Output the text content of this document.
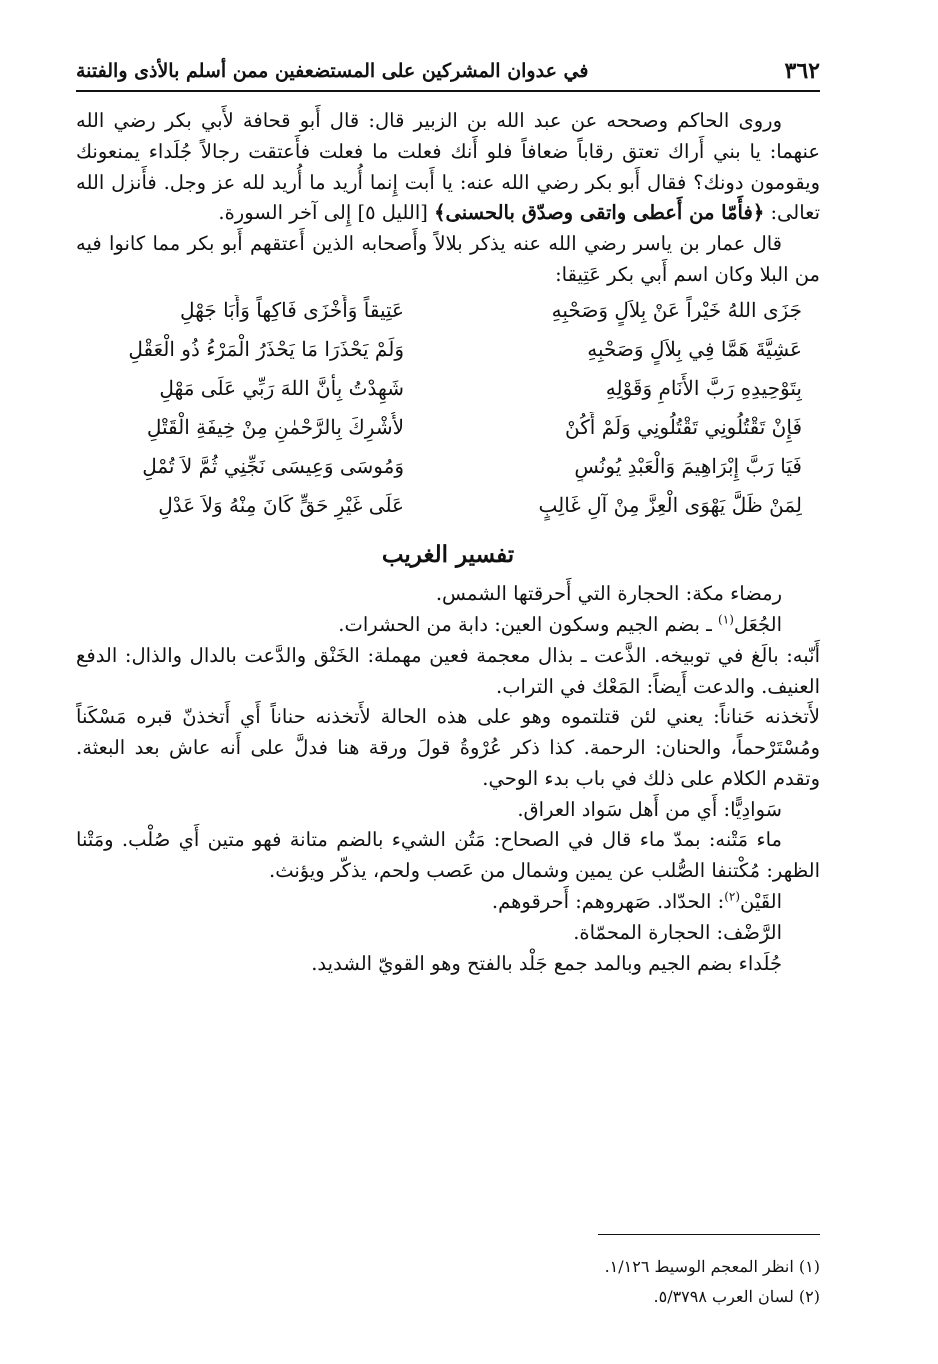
٣٦٢
في عدوان المشركين على المستضعفين ممن أسلم بالأذى والفتنة

وروى الحاكم وصححه عن عبد الله بن الزبير قال: قال أَبو قحافة لأَبي بكر رضي الله عنهما: يا بني أَراك تعتق رقاباً ضعافاً فلو أَنك فعلت ما فعلت فأَعتقت رجالاً جُلَداء يمنعونك ويقومون دونك؟ فقال أَبو بكر رضي الله عنه: يا أَبت إِنما أُريد ما أُريد لله عز وجل. فأَنزل الله تعالى: ﴿فأَمّا من أَعطى واتقى وصدّق بالحسنى﴾ [الليل ٥] إِلى آخر السورة.

قال عمار بن ياسر رضي الله عنه يذكر بلالاً وأَصحابه الذين أَعتقهم أَبو بكر مما كانوا فيه من البلا وكان اسم أَبي بكر عَتِيقا:

جَزَى اللهُ خَيْراً عَنْ بِلاَلٍ وَصَحْبِهِ
عَتِيقاً وَأَخْزَى فَاكِهاً وَأَبَا جَهْلِ
عَشِيَّةَ هَمَّا فِي بِلاَلٍ وَصَحْبِهِ
وَلَمْ يَحْذَرَا مَا يَحْذَرُ الْمَرْءُ ذُو الْعَقْلِ
بِتَوْحِيدِهِ رَبَّ الأَنَامِ وَقَوْلِهِ
شَهِدْتُ بِأَنَّ اللهَ رَبِّي عَلَى مَهْلِ
فَإِنْ تَقْتُلُونِي تَقْتُلُونِي وَلَمْ أَكُنْ
لأُشْرِكَ بِالرَّحْمٰنِ مِنْ خِيفَةِ الْقَتْلِ
فَيَا رَبَّ إِبْرَاهِيمَ وَالْعَبْدِ يُونُسٍ
وَمُوسَى وَعِيسَى نَجِّنِي ثُمَّ لاَ تُمْلِ
لِمَنْ ظَلَّ يَهْوَى الْعِزَّ مِنْ آلِ غَالِبٍ
عَلَى غَيْرِ حَقٍّ كَانَ مِنْهُ وَلاَ عَدْلِ
تفسير الغريب

رمضاء مكة: الحجارة التي أَحرقتها الشمس.

الجُعَل$^{(١)}$ ـ بضم الجيم وسكون العين: دابة من الحشرات.

أَنّبه: بالَغ في توبيخه. الذَّعت ـ بذال معجمة فعين مهملة: الخَنْق والدَّعت بالدال والذال: الدفع العنيف. والدعت أَيضاً: المَعْك في التراب.

لأَتخذنه حَناناً: يعني لئن قتلتموه وهو على هذه الحالة لأَتخذنه حناناً أَي أَتخذنّ قبره مَسْكَناً ومُسْتَرْحماً، والحنان: الرحمة. كذا ذكر عُرْوةُ قولَ ورقة هنا فدلَّ على أَنه عاش بعد البعثة. وتقدم الكلام على ذلك في باب بدء الوحي.

سَوادِيًّا: أَي من أَهل سَواد العراق.

ماء مَتْنه: بمدّ ماء قال في الصحاح: مَتُن الشيء بالضم متانة فهو متين أَي صُلْب. ومَتْنا الظهر: مُكْتنفا الصُّلب عن يمين وشمال من عَصب ولحم، يذكّر ويؤنث.

القَيْن$^{(٢)}$: الحدّاد. صَهروهم: أَحرقوهم.

الرَّضْف: الحجارة المحمّاة.

جُلَداء بضم الجيم وبالمد جمع جَلْد بالفتح وهو القويّ الشديد.

(١) انظر المعجم الوسيط ١/١٢٦.

(٢) لسان العرب ٥/٣٧٩٨.
